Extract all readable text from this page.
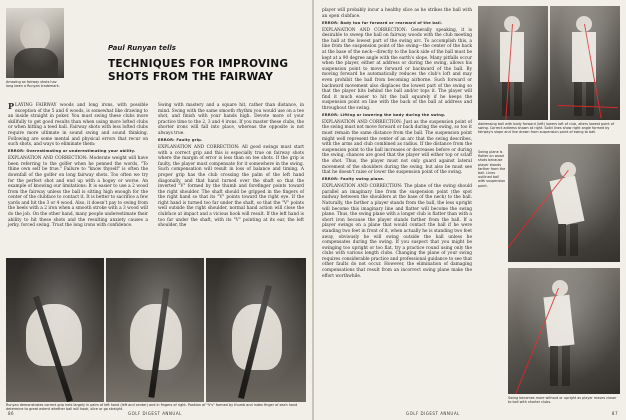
Amazing as fairway shots hav long been a Runyan trademark.
Paul Runyan tells
TECHNIQUES FOR IMPROVING SHOTS FROM THE FAIRWAY

PLAYING FAIRWAY woods and long irons, with possible exception of the 5 and 6 woods, is somewhat like drawing to an inside straight in poker. You must swing these clubs more skillfully to get good results than when using more lofted clubs or when hitting a teed ball. Fairway shots with less lofted clubs require more ultimate in sound swing and sound thinking. Following are some mental and physical errors that recur on such shots, and ways to eliminate them:

ERROR: Overestimating or underestimating your ability.

EXPLANATION AND CORRECTION: Moderate weight will have been referring to the golfer when he penned the words, "To thine own self be true." Failure to "know thyself" is often the downfall of the golfer on long fairway shots. Too often we try for the perfect shot and end up with a bogey or worse. An example of knowing our limitations: It is easier to use a 2 wood from the fairway unless the ball is sitting high enough for the center of the clubface to contact it. It is better to sacrifice a few yards and hit the 3 or 4 wood. Also, it doesn't pay to swing from the heels with a 2 iron when a smooth stroke with a 3 wood will do the job. On the other hand, many people underestimate their ability to hit these shots and the resulting anxiety causes a jerky, forced swing. Trust the long irons with confidence.

Swing with mastery and a square hit, rather than distance, in mind. Swing with the same smooth rhythm you would use on a tee shot, and finish with your hands high. Devote more of your practice time to the 2, 3 and 4 irons. If you master these clubs, the shorter irons will fall into place, whereas the opposite is not always true.

ERROR: Faulty grip.

EXPLANATION AND CORRECTION: All good swings must start with a correct grip and this is especially true on fairway shots where the margin of error is less than on tee shots. If the grip is faulty, the player must compensate for it somewhere in the swing. Such compensation will result in loss of balance and timing. A proper grip has the club crossing the palm of the left hand diagonally, and that hand turned over the shaft so that the inverted "V" formed by the thumb and forefinger points toward the right shoulder. The shaft should be gripped in the fingers of the right hand so that its "V" points toward the right eye. If the right hand is turned too far under the shaft, so that the "V" points well outside the right shoulder, normal hand action will close the clubface at impact and a vicious hook will result. If the left hand is too far under the shaft, with its "V" pointing at its ear, the left shoulder, the

Runyan demonstrates correct grip held largely in palm of left hand (left and center) and in fingers of right. Position of "V's" formed by thumb and index finger of each hand determine to great extent whether ball will hook, slice or go straight.
86	GOLF DIGEST ANNUAL

player will probably incur a healthy slice as he strikes the ball with an open clubface.

ERROR: Body too far forward or rearward of the ball.

EXPLANATION AND CORRECTION: Generally speaking, it is desirable to sweep the ball on fairway woods with the club meeting the ball at the lowest part of the swing arc. To accomplish this, a line from the suspension point of the swing—the center of the back at the base of the neck—directly to the back side of the ball must be kept at a 90 degree angle with the earth's slope. Many pitfalls occur when the player, either at address or during the swing, allows his suspension point to move forward or backward of the ball. By moving forward he automatically reduces the club's loft and may even prohibit the ball from becoming airborne. Such forward or backward movement also displaces the lowest part of the swing so that the player hits behind the ball and/or tops it. The player will find it much easier to hit the ball squarely if he keeps the suspension point on line with the back of the ball at address and throughout the swing.

ERROR: Lifting or lowering the body during the swing.

EXPLANATION AND CORRECTION: Just as the suspension point of the swing must not move forward or back during the swing, so too it must remain the same distance from the ball. The suspension point might well represent the center of an arc that the swing describes, with the arms and club combined as radius. If the distance from the suspension point to the ball increases or decreases before or during the swing, chances are good that the player will either top or sclaff the shot. Thus, the player must not only guard against lateral movement of the shoulders during the swing, but also be must see that he doesn't raise or lower the suspension point of the swing.

ERROR: Faulty swing plane.

EXPLANATION AND CORRECTION: The plane of the swing should parallel an imaginary line from the suspension point (the spot midway between the shoulders at the base of the neck) to the ball. Naturally, the farther a player stands from the ball, the less upright will become this imaginary line and flatter will become the swing plane. Thus, the swing plane with a longer club is flatter than with a short iron because the player stands farther from the ball. If a player swings on a plane that would contact the ball if he were standing two feet in front of it, when actually he is standing two feet away, obviously he will swing outside the ball unless he compensates during the swing. If you suspect that you might be swinging too upright or too flat, try a practice round using only the clubs with various length clubs. Changing the plane of your swing requires considerable practice and professional guidance to see that other faults do not occur. However, the elimination of damaging compensations that result from an incorrect swing plane make the effort worthwhile.

Addressing ball with body forward (left) lowers loft of club, alters lowest point of swing. Correct address shown at right. Solid lines show right angle formed by fairway's slope and line drawn from suspension point of swing to ball.
Swing plane is flatter on wood shots because player stands farther from the ball. Lines outlined ball with suspension point.
Swing becomes more without or upright as player moves closer to ball with shorter clubs.
GOLF DIGEST ANNUAL	87
